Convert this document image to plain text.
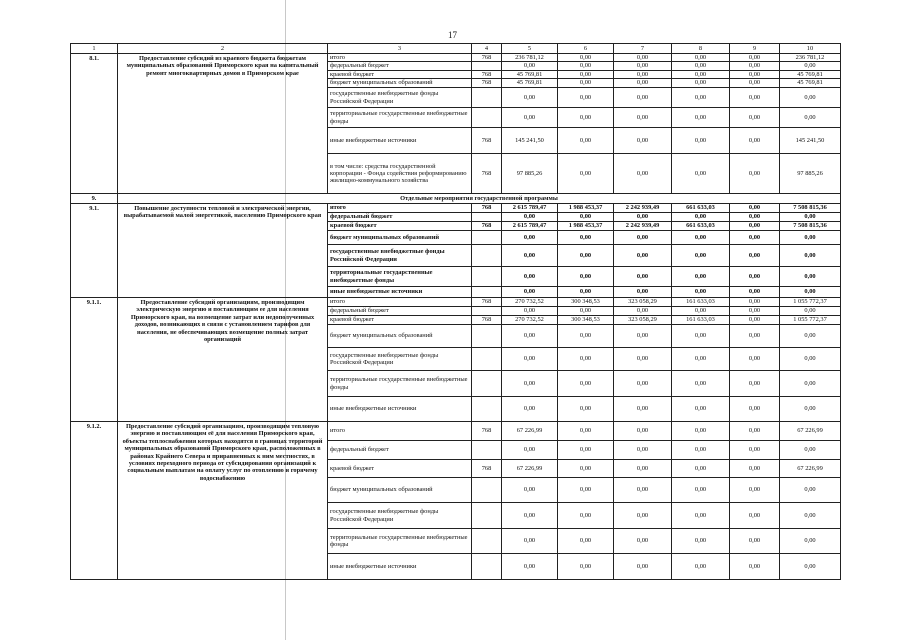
17
1	2	3	4	5	6	7	8	9	10
8.1.	Предоставление субсидий из краевого бюджета бюджетам муниципальных образований Приморского края на капитальный ремонт многоквартирных домов в Приморском крае	итого	768	236 781,12	0,00	0,00	0,00	0,00	236 781,12
		федеральный бюджет		0,00	0,00	0,00	0,00	0,00	0,00
		краевой бюджет	768	45 769,81	0,00	0,00	0,00	0,00	45 769,81
		бюджет муниципальных образований	768	45 769,81	0,00	0,00	0,00	0,00	45 769,81
		государственные внебюджетные фонды Российской Федерации		0,00	0,00	0,00	0,00	0,00	0,00
		территориальные государственные внебюджетные фонды		0,00	0,00	0,00	0,00	0,00	0,00
		иные внебюджетные источники	768	145 241,50	0,00	0,00	0,00	0,00	145 241,50
		в том числе: средства государственной корпорации - Фонда содействия реформированию жилищно-коммунального хозяйства	768	97 885,26	0,00	0,00	0,00	0,00	97 885,26
9.	Отдельные мероприятия государственной программы								
9.1.	Повышение доступности тепловой и электрической энергии, вырабатываемой малой энергетикой, населению Приморского края	итого	768	2 615 789,47	1 988 453,37	2 242 939,49	661 633,03	0,00	7 508 815,36
		федеральный бюджет		0,00	0,00	0,00	0,00	0,00	0,00
		краевой бюджет	768	2 615 789,47	1 988 453,37	2 242 939,49	661 633,03	0,00	7 508 815,36
		бюджет муниципальных образований		0,00	0,00	0,00	0,00	0,00	0,00
		государственные внебюджетные фонды Российской Федерации		0,00	0,00	0,00	0,00	0,00	0,00
		территориальные государственные внебюджетные фонды		0,00	0,00	0,00	0,00	0,00	0,00
		иные внебюджетные источники		0,00	0,00	0,00	0,00	0,00	0,00
9.1.1.	Предоставление субсидий организациям, производящим электрическую энергию и поставляющим ее для населения Приморского края, на возмещение затрат или недополученных доходов, возникающих в связи с установлением тарифов для населения, не обеспечивающих возмещение полных затрат организаций	итого	768	270 732,52	300 348,53	323 058,29	161 633,03	0,00	1 055 772,37
		федеральный бюджет		0,00	0,00	0,00	0,00	0,00	0,00
		краевой бюджет	768	270 732,52	300 348,53	323 058,29	161 633,03	0,00	1 055 772,37
		бюджет муниципальных образований		0,00	0,00	0,00	0,00	0,00	0,00
		государственные внебюджетные фонды Российской Федерации		0,00	0,00	0,00	0,00	0,00	0,00
		территориальные государственные внебюджетные фонды		0,00	0,00	0,00	0,00	0,00	0,00
		иные внебюджетные источники		0,00	0,00	0,00	0,00	0,00	0,00
9.1.2.	Предоставление субсидий организациям, производящим тепловую энергию и поставляющим её для населения Приморского края, объекты теплоснабжения которых находятся в границах территорий муниципальных образований Приморского края, расположенных в районах Крайнего Севера и приравненных к ним местностях, в условиях переходного периода от субсидирования организаций к социальным выплатам на оплату услуг по отоплению и горячему водоснабжению	итого	768	67 226,99	0,00	0,00	0,00	0,00	67 226,99
		федеральный бюджет		0,00	0,00	0,00	0,00	0,00	0,00
		краевой бюджет	768	67 226,99	0,00	0,00	0,00	0,00	67 226,99
		бюджет муниципальных образований		0,00	0,00	0,00	0,00	0,00	0,00
		государственные внебюджетные фонды Российской Федерации		0,00	0,00	0,00	0,00	0,00	0,00
		территориальные государственные внебюджетные фонды		0,00	0,00	0,00	0,00	0,00	0,00
		иные внебюджетные источники		0,00	0,00	0,00	0,00	0,00	0,00
